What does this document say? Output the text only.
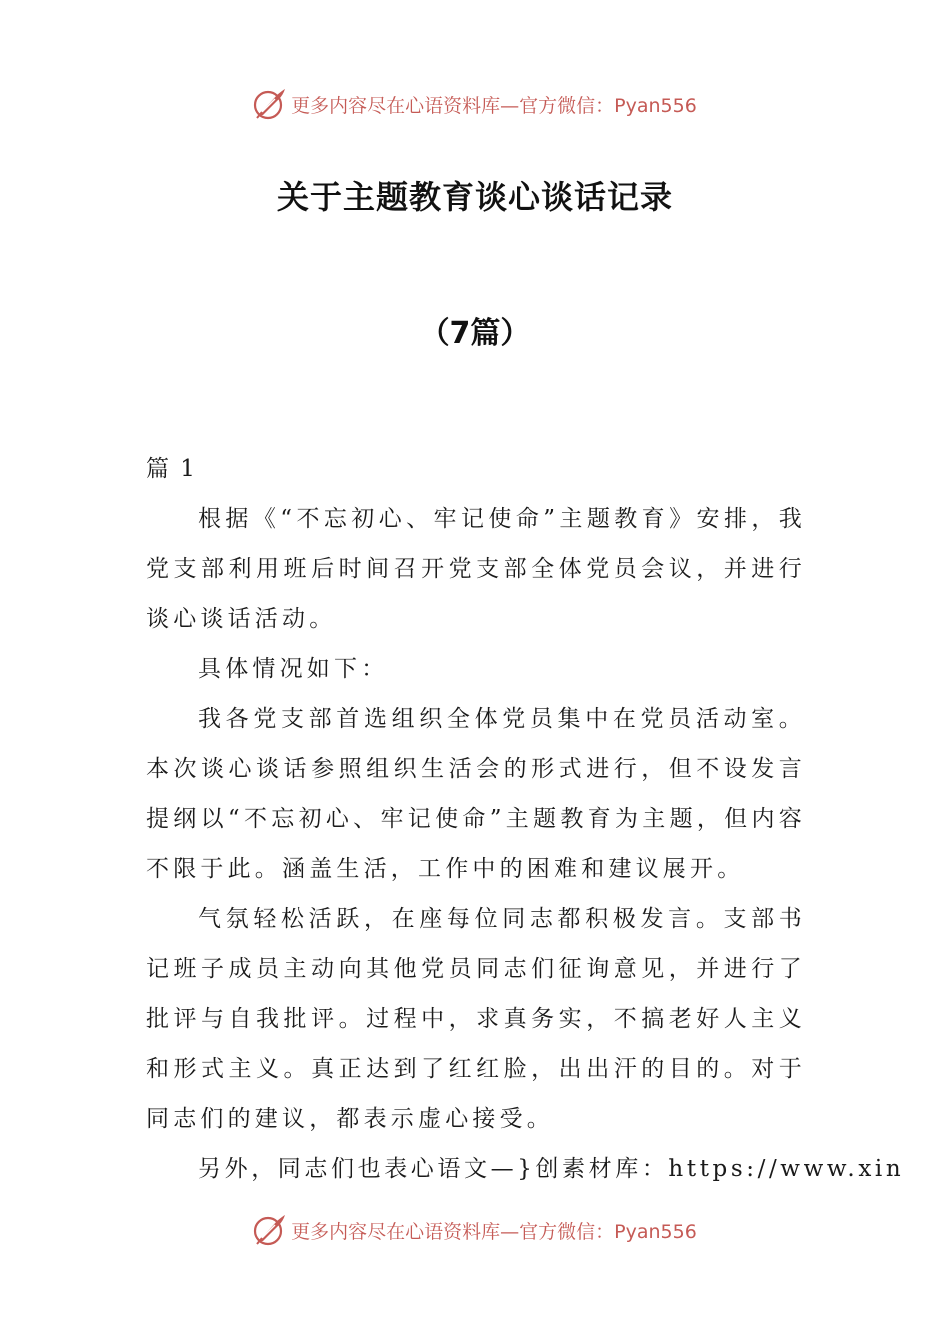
更多内容尽在心语资料库—官方微信：Pyan556
关于主题教育谈心谈话记录
（7篇）

篇 1

根据《“不忘初心、牢记使命”主题教育》安排，我党支部利用班后时间召开党支部全体党员会议，并进行谈心谈话活动。

具体情况如下：

我各党支部首选组织全体党员集中在党员活动室。本次谈心谈话参照组织生活会的形式进行，但不设发言提纲以“不忘初心、牢记使命”主题教育为主题，但内容不限于此。涵盖生活，工作中的困难和建议展开。

气氛轻松活跃，在座每位同志都积极发言。支部书记班子成员主动向其他党员同志们征询意见，并进行了批评与自我批评。过程中，求真务实，不搞老好人主义和形式主义。真正达到了红红脸，出出汗的目的。对于同志们的建议，都表示虚心接受。

另外，同志们也表心语文—}创素材库：https://www.xin

更多内容尽在心语资料库—官方微信：Pyan556
